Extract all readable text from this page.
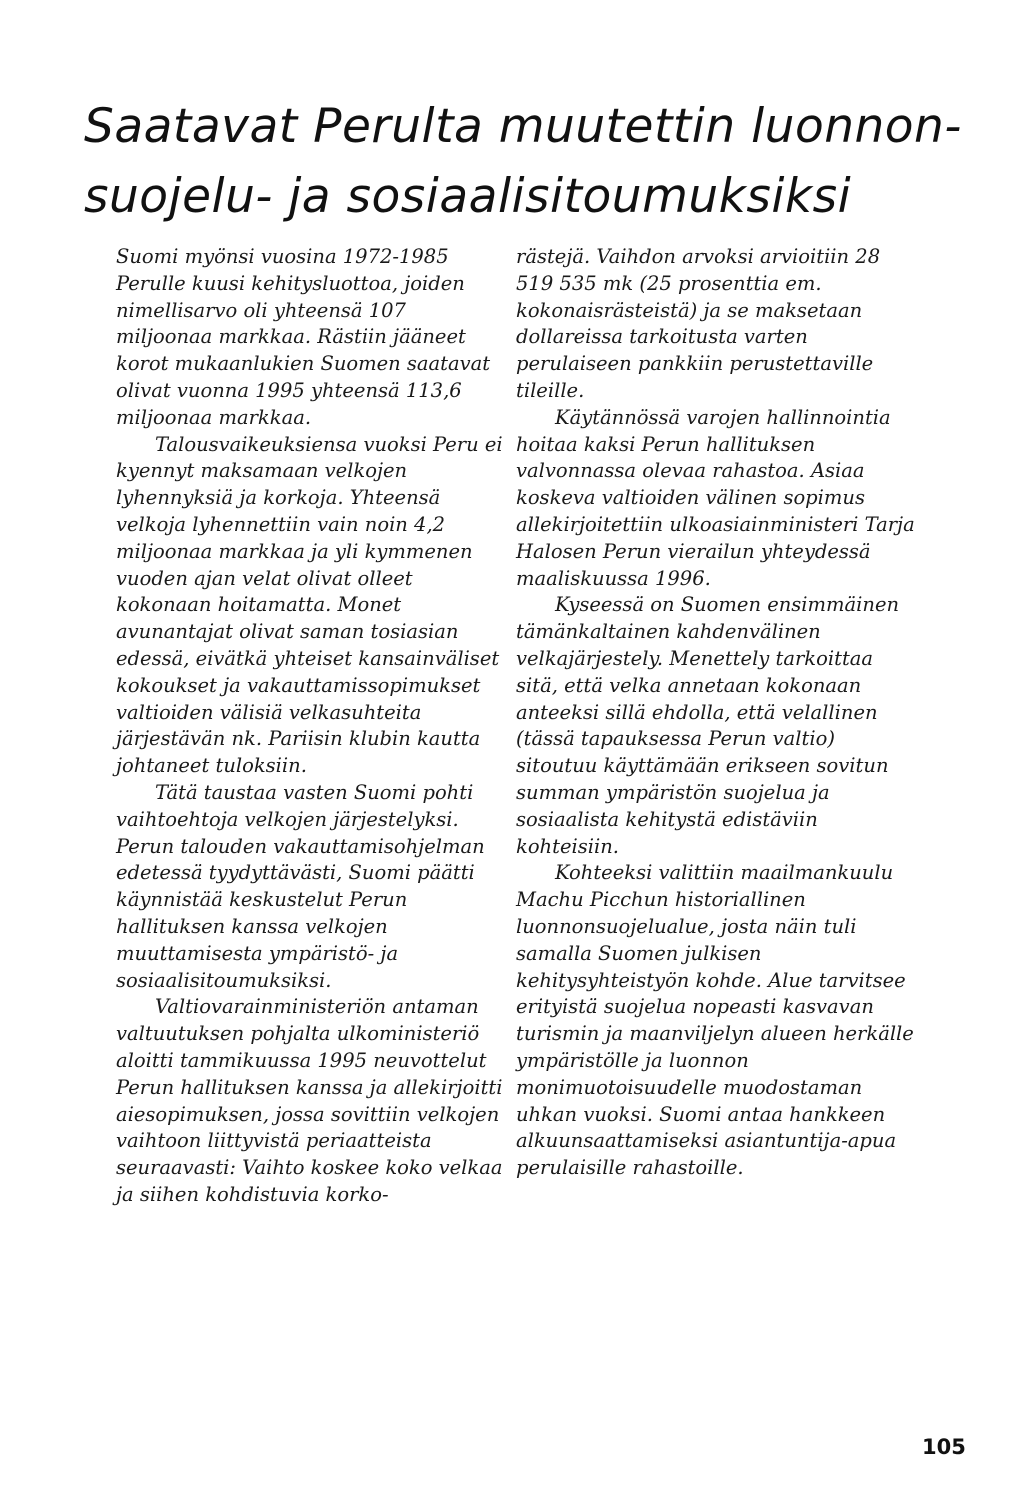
Saatavat Perulta muutettin luonnon-
suojelu- ja sosiaalisitoumuksiksi

Suomi myönsi vuosina 1972-1985 Perulle kuusi kehitysluottoa, joiden nimellisarvo oli yhteensä 107 miljoonaa markkaa. Rästiin jääneet korot mukaanlukien Suomen saatavat olivat vuonna 1995 yhteensä 113,6 miljoonaa markkaa.

Talousvaikeuksiensa vuoksi Peru ei kyennyt maksamaan velkojen lyhennyksiä ja korkoja. Yhteensä velkoja lyhennettiin vain noin 4,2 miljoonaa markkaa ja yli kymmenen vuoden ajan velat olivat olleet kokonaan hoitamatta. Monet avunantajat olivat saman tosiasian edessä, eivätkä yhteiset kansainväliset kokoukset ja vakauttamissopimukset valtioiden välisiä velkasuhteita järjestävän nk. Pariisin klubin kautta johtaneet tuloksiin.

Tätä taustaa vasten Suomi pohti vaihtoehtoja velkojen järjestelyksi. Perun talouden vakauttamisohjelman edetessä tyydyttävästi, Suomi päätti käynnistää keskustelut Perun hallituksen kanssa velkojen muuttamisesta ympäristö- ja sosiaalisitoumuksiksi.

Valtiovarainministeriön antaman valtuutuksen pohjalta ulkoministeriö aloitti tammikuussa 1995 neuvottelut Perun hallituksen kanssa ja allekirjoitti aiesopimuksen, jossa sovittiin velkojen vaihtoon liittyvistä periaatteista seuraavasti: Vaihto koskee koko velkaa ja siihen kohdistuvia korko-

rästejä. Vaihdon arvoksi arvioitiin 28 519 535 mk (25 prosenttia em. kokonaisrästeistä) ja se maksetaan dollareissa tarkoitusta varten perulaiseen pankkiin perustettaville tileille.

Käytännössä varojen hallinnointia hoitaa kaksi Perun hallituksen valvonnassa olevaa rahastoa. Asiaa koskeva valtioiden välinen sopimus allekirjoitettiin ulkoasiainministeri Tarja Halosen Perun vierailun yhteydessä maaliskuussa 1996.

Kyseessä on Suomen ensimmäinen tämänkaltainen kahdenvälinen velkajärjestely. Menettely tarkoittaa sitä, että velka annetaan kokonaan anteeksi sillä ehdolla, että velallinen (tässä tapauksessa Perun valtio) sitoutuu käyttämään erikseen sovitun summan ympäristön suojelua ja sosiaalista kehitystä edistäviin kohteisiin.

Kohteeksi valittiin maailmankuulu Machu Picchun historiallinen luonnonsuojelualue, josta näin tuli samalla Suomen julkisen kehitysyhteistyön kohde. Alue tarvitsee erityistä suojelua nopeasti kasvavan turismin ja maanviljelyn alueen herkälle ympäristölle ja luonnon monimuotoisuudelle muodostaman uhkan vuoksi. Suomi antaa hankkeen alkuunsaattamiseksi asiantuntija-apua perulaisille rahastoille.

105
